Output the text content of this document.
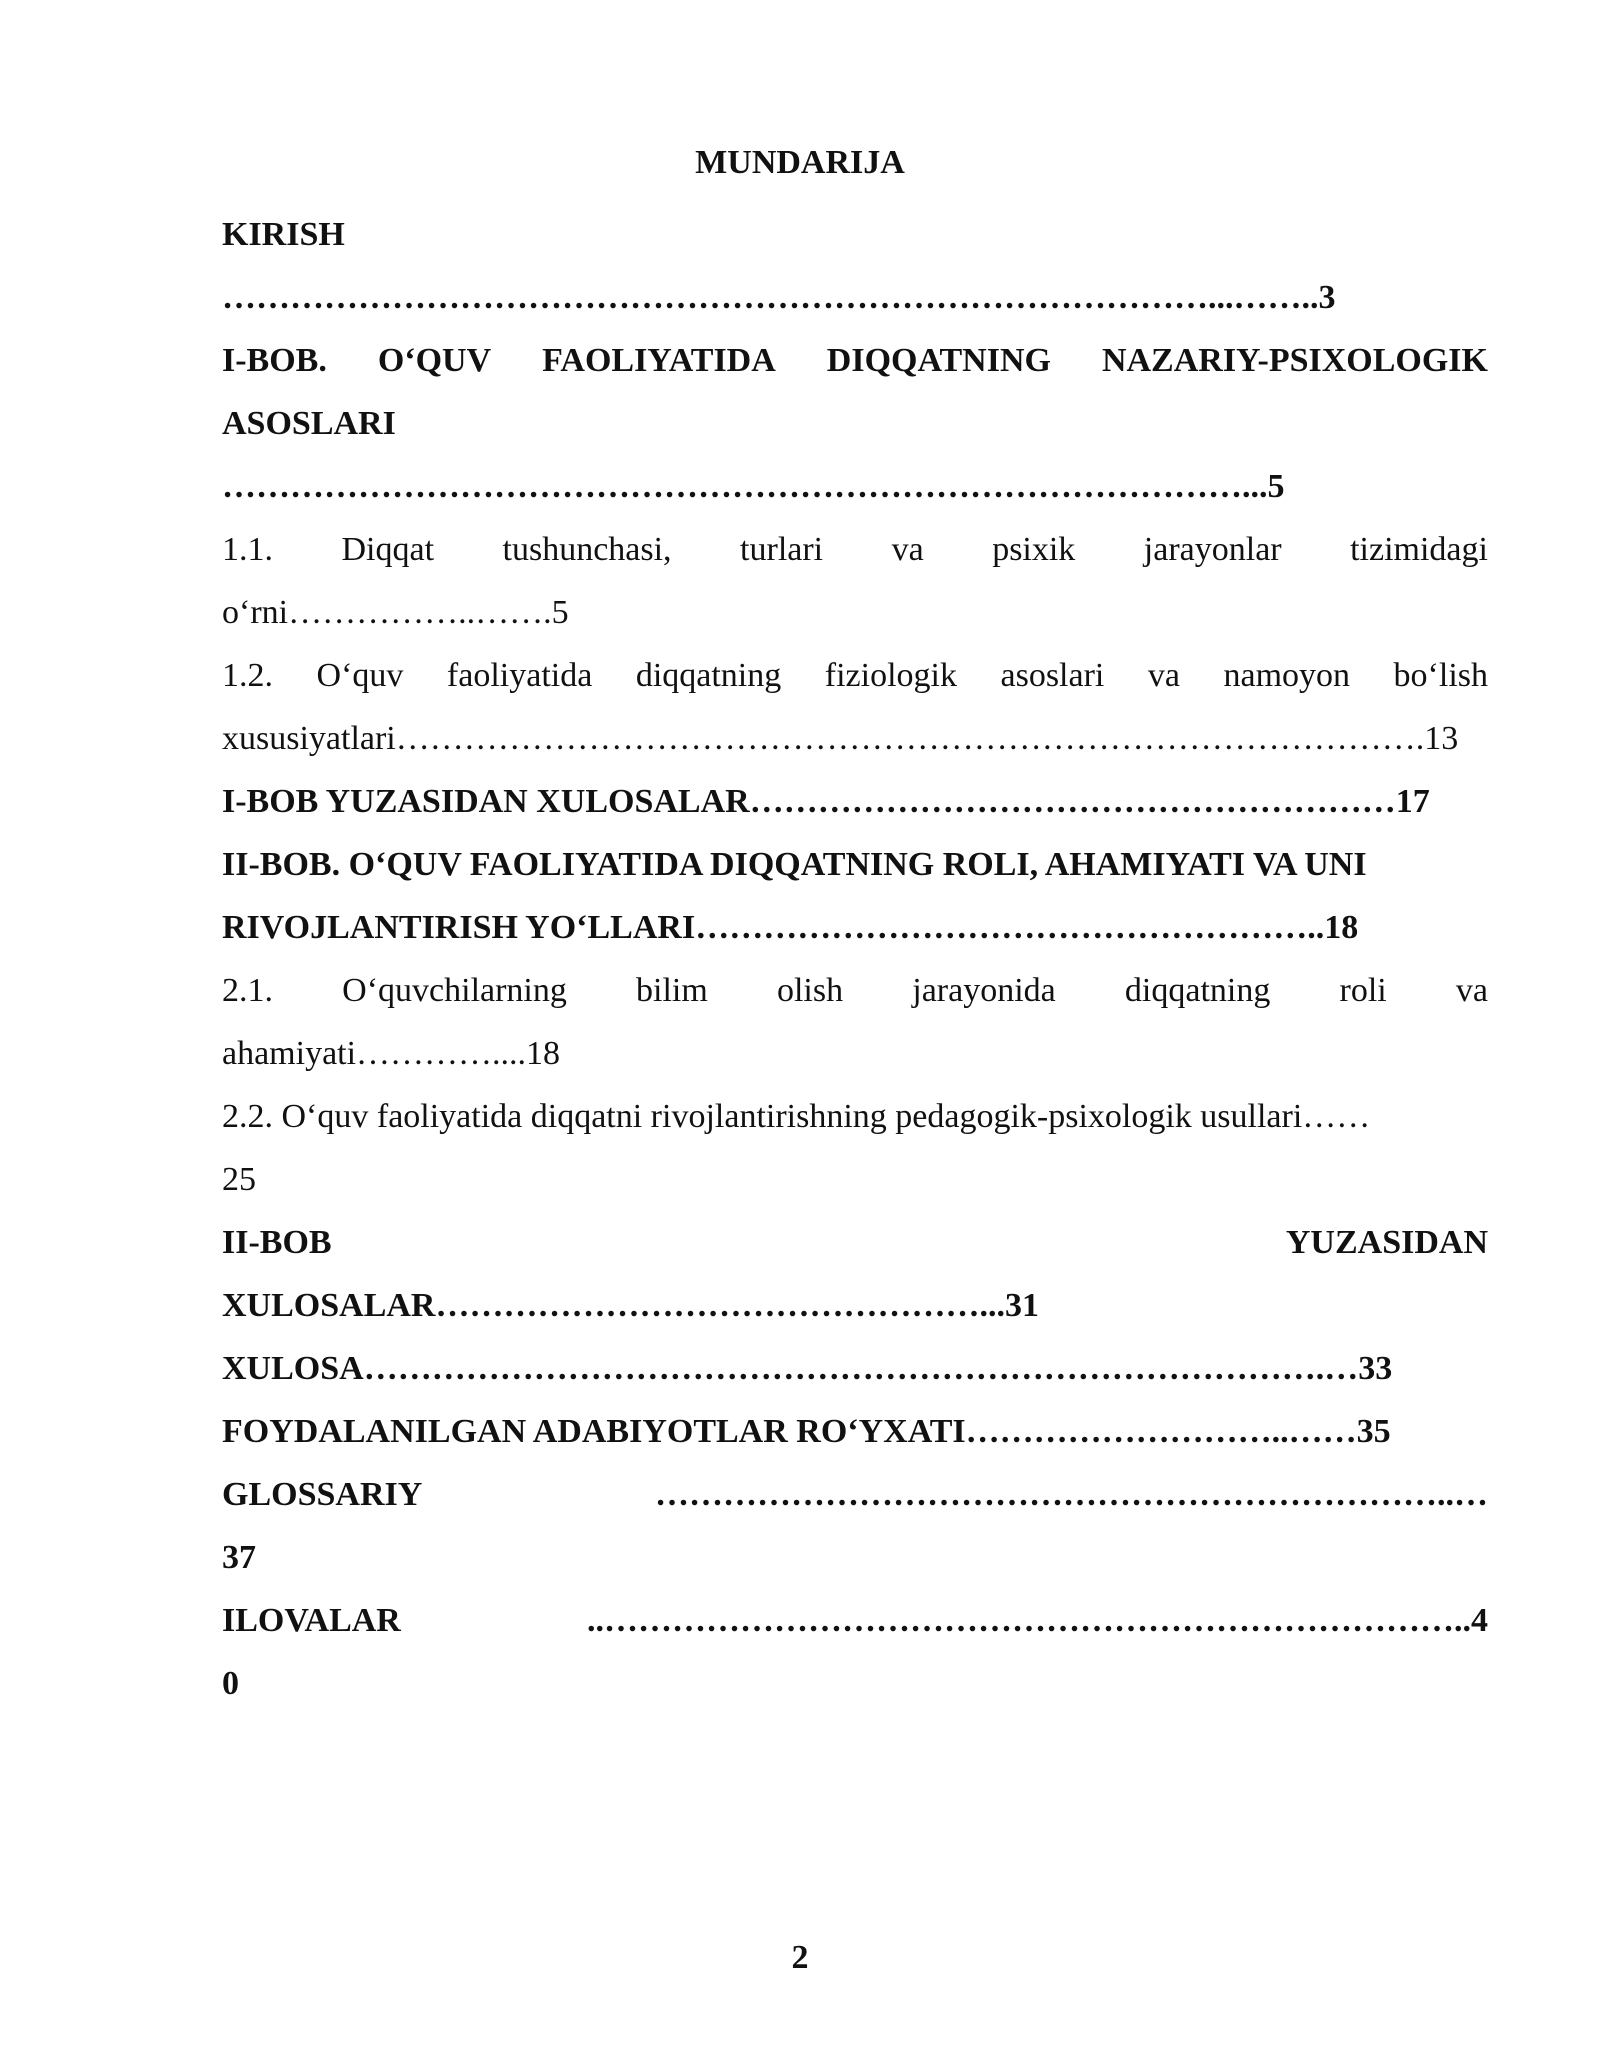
MUNDARIJA
KIRISH
……………………………………………………………………………...……..3
I-BOB. O‘QUV FAOLIYATIDA DIQQATNING NAZARIY-PSIXOLOGIK
ASOSLARI
………………………………………………………………………………...5
1.1. Diqqat tushunchasi, turlari va psixik jarayonlar tizimidagi
o‘rni……………..…….5
1.2. O‘quv faoliyatida diqqatning fiziologik asoslari va namoyon bo‘lish
xususiyatlari……………………………………………………………………………….13
I-BOB YUZASIDAN XULOSALAR…………………………………………………17
II-BOB. O‘QUV FAOLIYATIDA DIQQATNING ROLI, AHAMIYATI VA UNI
RIVOJLANTIRISH YO‘LLARI………………………………………………..18
2.1. O‘quvchilarning bilim olish jarayonida diqqatning roli va
ahamiyati…………....18
2.2. O‘quv faoliyatida diqqatni rivojlantirishning pedagogik-psixologik usullari……
25
II-BOB	YUZASIDAN
XULOSALAR…………………………………………...31
XULOSA………………………………………………………………………….…33
FOYDALANILGAN ADABIYOTLAR RO‘YXATI………………………..……35
GLOSSARIY	……………………………………………………………..…
37
ILOVALAR	..…………………………………………………………………..4
0
2
